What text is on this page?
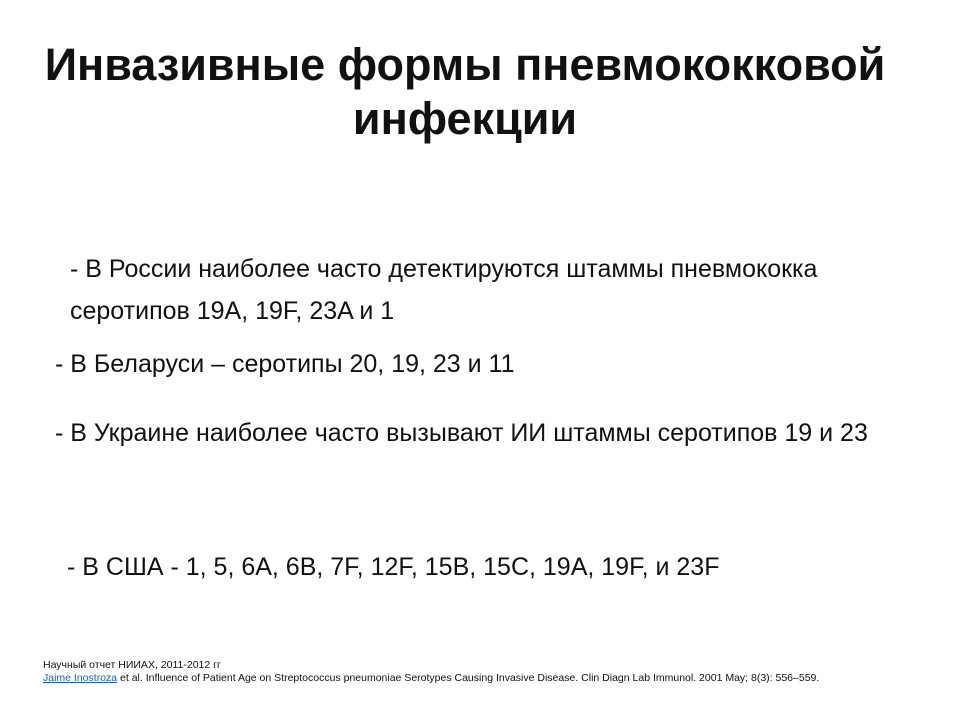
Инвазивные формы пневмококковой инфекции

- В России наиболее часто детектируются штаммы пневмококка серотипов 19A, 19F, 23A и 1

- В Беларуси – серотипы 20, 19, 23 и 11

- В Украине наиболее часто вызывают ИИ штаммы серотипов 19 и 23

- В США - 1, 5, 6A, 6B, 7F, 12F, 15B, 15C, 19A, 19F, и 23F

Научный отчет НИИАХ, 2011-2012 гг

Jaime Inostroza et al. Influence of Patient Age on Streptococcus pneumoniae Serotypes Causing Invasive Disease. Clin Diagn Lab Immunol. 2001 May; 8(3): 556–559.
